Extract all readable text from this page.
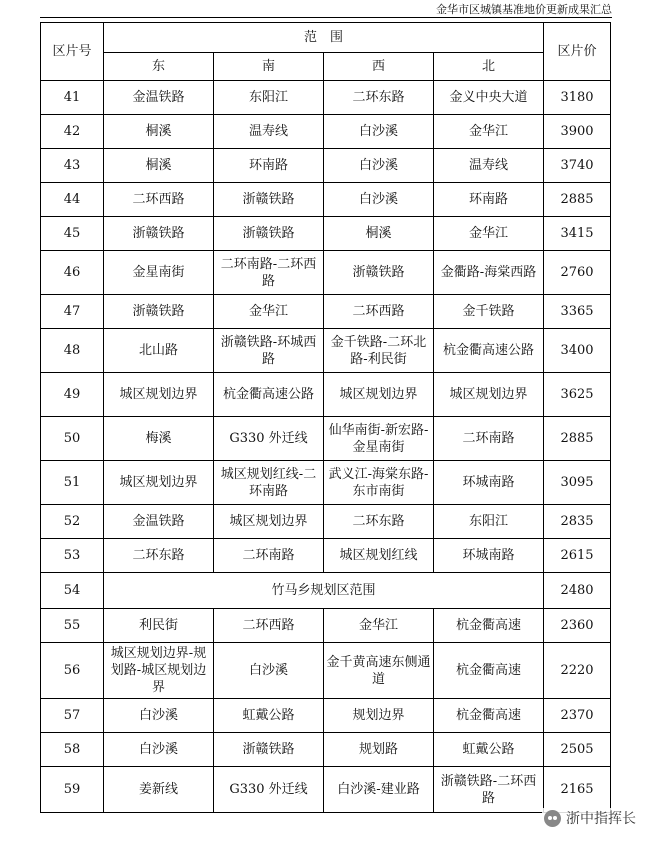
金华市区城镇基准地价更新成果汇总
区片号	范　围				区片价
	东	南	西	北	
41	金温铁路	东阳江	二环东路	金义中央大道	3180
42	桐溪	温寿线	白沙溪	金华江	3900
43	桐溪	环南路	白沙溪	温寿线	3740
44	二环西路	浙赣铁路	白沙溪	环南路	2885
45	浙赣铁路	浙赣铁路	桐溪	金华江	3415
46	金星南街	二环南路-二环西路	浙赣铁路	金衢路-海棠西路	2760
47	浙赣铁路	金华江	二环西路	金千铁路	3365
48	北山路	浙赣铁路-环城西路	金千铁路-二环北路-利民街	杭金衢高速公路	3400
49	城区规划边界	杭金衢高速公路	城区规划边界	城区规划边界	3625
50	梅溪	G330 外迁线	仙华南街-新宏路-金星南街	二环南路	2885
51	城区规划边界	城区规划红线-二环南路	武义江-海棠东路-东市南街	环城南路	3095
52	金温铁路	城区规划边界	二环东路	东阳江	2835
53	二环东路	二环南路	城区规划红线	环城南路	2615
54	竹马乡规划区范围				2480
55	利民街	二环西路	金华江	杭金衢高速	2360
56	城区规划边界-规划路-城区规划边界	白沙溪	金千黄高速东侧通道	杭金衢高速	2220
57	白沙溪	虹戴公路	规划边界	杭金衢高速	2370
58	白沙溪	浙赣铁路	规划路	虹戴公路	2505
59	姜新线	G330 外迁线	白沙溪-建业路	浙赣铁路-二环西路	2165
浙中指挥长
